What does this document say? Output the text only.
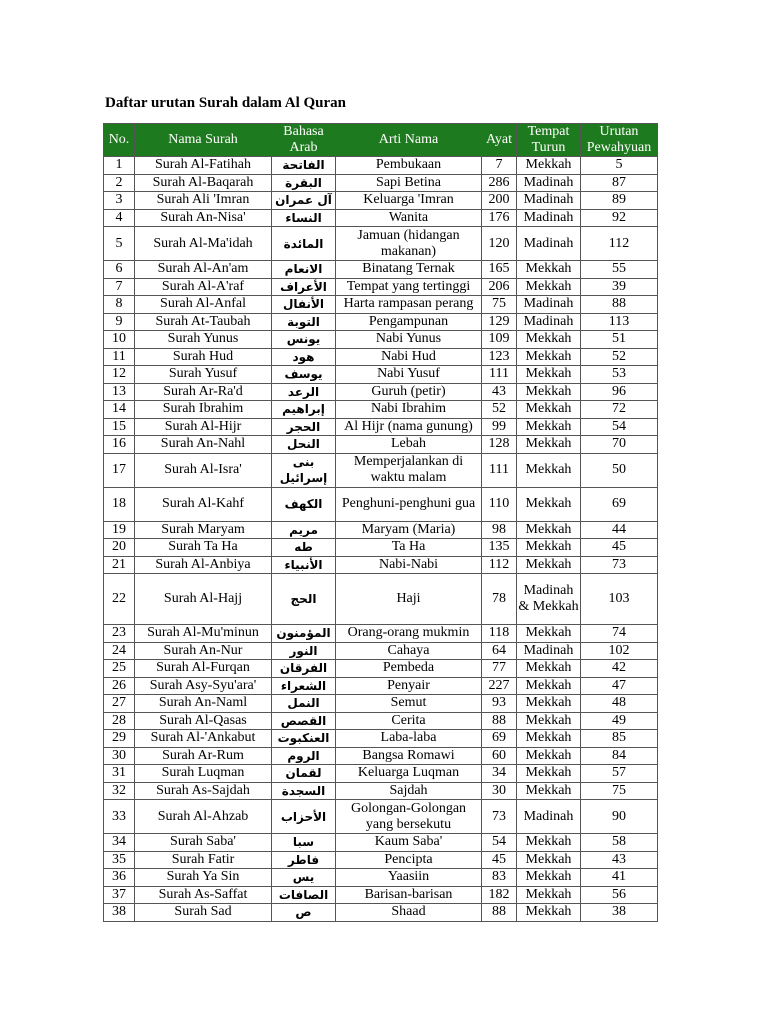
Daftar urutan Surah dalam Al Quran
No.	Nama Surah	Bahasa Arab	Arti Nama	Ayat	Tempat Turun	Urutan Pewahyuan
1	Surah Al-Fatihah	الفاتحة	Pembukaan	7	Mekkah	5
2	Surah Al-Baqarah	البقرة	Sapi Betina	286	Madinah	87
3	Surah Ali 'Imran	آل عمران	Keluarga 'Imran	200	Madinah	89
4	Surah An-Nisa'	النساء	Wanita	176	Madinah	92
5	Surah Al-Ma'idah	المائدة	Jamuan (hidangan makanan)	120	Madinah	112
6	Surah Al-An'am	الانعام	Binatang Ternak	165	Mekkah	55
7	Surah Al-A'raf	الأعراف	Tempat yang tertinggi	206	Mekkah	39
8	Surah Al-Anfal	الأنفال	Harta rampasan perang	75	Madinah	88
9	Surah At-Taubah	التوبة	Pengampunan	129	Madinah	113
10	Surah Yunus	يونس	Nabi Yunus	109	Mekkah	51
11	Surah Hud	هود	Nabi Hud	123	Mekkah	52
12	Surah Yusuf	يوسف	Nabi Yusuf	111	Mekkah	53
13	Surah Ar-Ra'd	الرعد	Guruh (petir)	43	Mekkah	96
14	Surah Ibrahim	إبراهيم	Nabi Ibrahim	52	Mekkah	72
15	Surah Al-Hijr	الحجر	Al Hijr (nama gunung)	99	Mekkah	54
16	Surah An-Nahl	النحل	Lebah	128	Mekkah	70
17	Surah Al-Isra'	بنى إسرائيل	Memperjalankan di waktu malam	111	Mekkah	50
18	Surah Al-Kahf	الكهف	Penghuni-penghuni gua	110	Mekkah	69
19	Surah Maryam	مريم	Maryam (Maria)	98	Mekkah	44
20	Surah Ta Ha	طه	Ta Ha	135	Mekkah	45
21	Surah Al-Anbiya	الأنبياء	Nabi-Nabi	112	Mekkah	73
22	Surah Al-Hajj	الحج	Haji	78	Madinah & Mekkah	103
23	Surah Al-Mu'minun	المؤمنون	Orang-orang mukmin	118	Mekkah	74
24	Surah An-Nur	النور	Cahaya	64	Madinah	102
25	Surah Al-Furqan	الفرقان	Pembeda	77	Mekkah	42
26	Surah Asy-Syu'ara'	الشعراء	Penyair	227	Mekkah	47
27	Surah An-Naml	النمل	Semut	93	Mekkah	48
28	Surah Al-Qasas	القصص	Cerita	88	Mekkah	49
29	Surah Al-'Ankabut	العنكبوت	Laba-laba	69	Mekkah	85
30	Surah Ar-Rum	الروم	Bangsa Romawi	60	Mekkah	84
31	Surah Luqman	لقمان	Keluarga Luqman	34	Mekkah	57
32	Surah As-Sajdah	السجدة	Sajdah	30	Mekkah	75
33	Surah Al-Ahzab	الأحزاب	Golongan-Golongan yang bersekutu	73	Madinah	90
34	Surah Saba'	سبا	Kaum Saba'	54	Mekkah	58
35	Surah Fatir	فاطر	Pencipta	45	Mekkah	43
36	Surah Ya Sin	يس	Yaasiin	83	Mekkah	41
37	Surah As-Saffat	الصافات	Barisan-barisan	182	Mekkah	56
38	Surah Sad	ص	Shaad	88	Mekkah	38
